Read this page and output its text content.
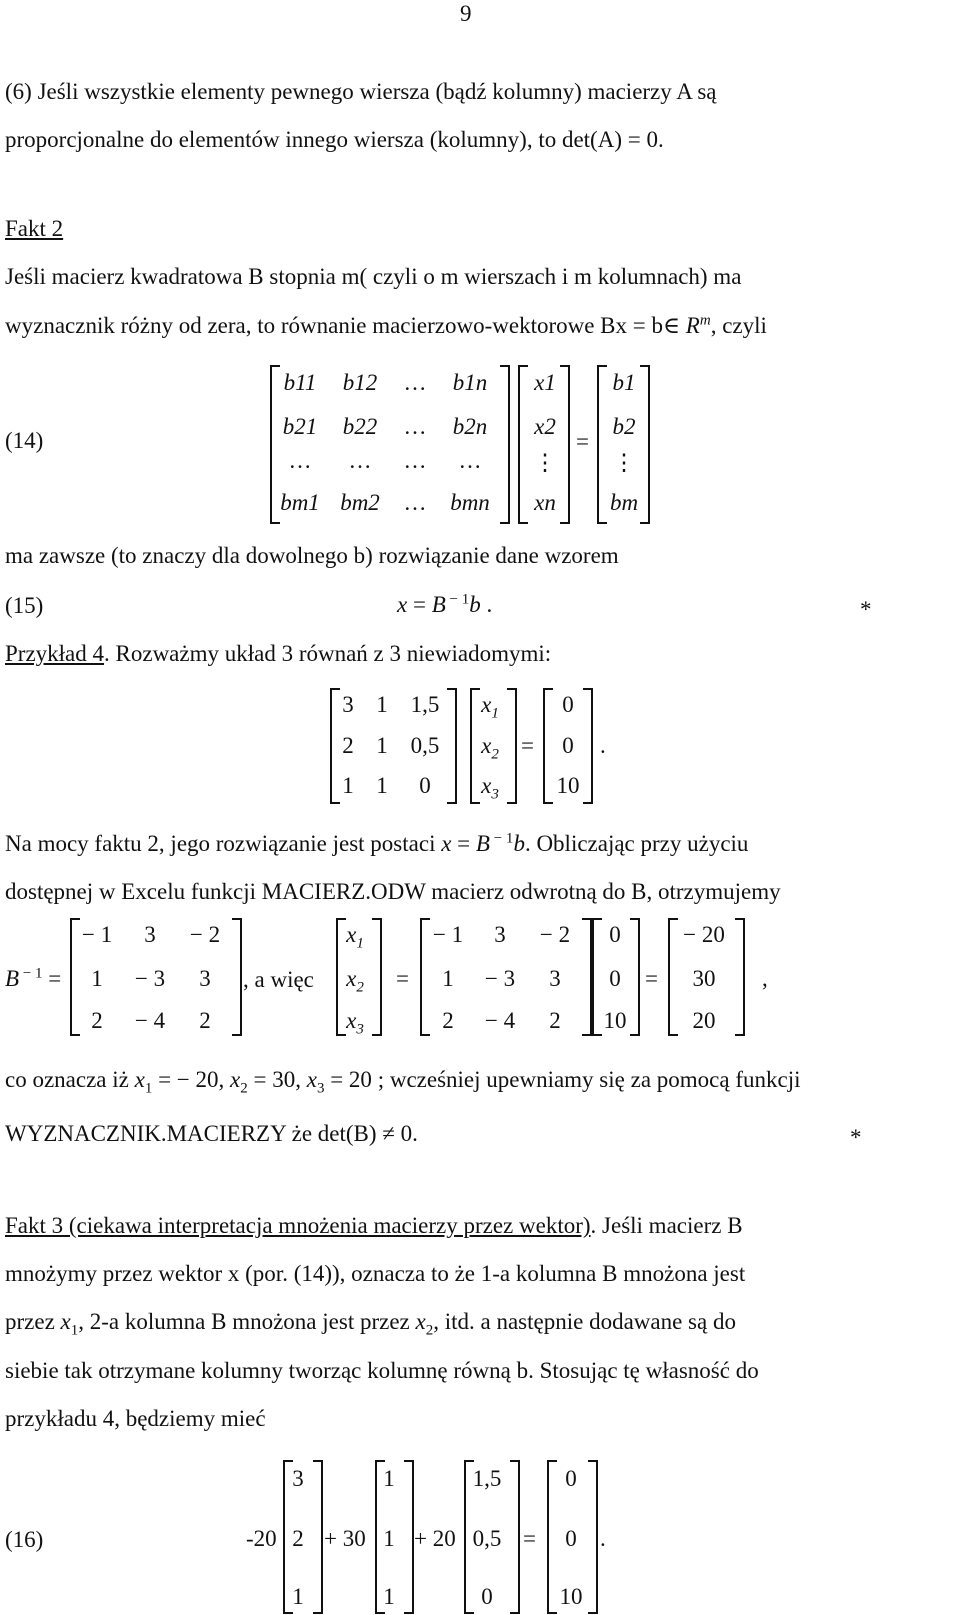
9
(6) Jeśli wszystkie elementy pewnego wiersza (bądź kolumny) macierzy A są
proporcjonalne do elementów innego wiersza (kolumny), to det(A) = 0.
Fakt 2
Jeśli macierz kwadratowa B stopnia m( czyli o m wierszach i m kolumnach) ma
wyznacznik różny od zera, to równanie macierzowo-wektorowe Bx = b∈ $R^m$, czyli
(14)
b11	b12	…	b1n
b21	b22	…	b2n
…	…	…	…
bm1 bm2	…	bmn
x1
x2
⋮
xn
=
b1
b2
⋮
bm
ma zawsze (to znaczy dla dowolnego b) rozwiązanie dane wzorem
(15)	x = B $^{- 1}$b .	*
Przykład 4. Rozważmy układ 3 równań z 3 niewiadomymi:
3 1 1,5
2 1 0,5
1 1	0
$x_1$
$x_2$
$x_3$
=
0
0
10
.
Na mocy faktu 2, jego rozwiązanie jest postaci x = B $^{- 1}$b. Obliczając przy użyciu
dostępnej w Excelu funkcji MACIERZ.ODW macierz odwrotną do B, otrzymujemy
B $^{- 1}$ =
− 1	3	− 2
1	− 3	3
2	− 4	2
, a więc
$x_1$
$x_2$
$x_3$
=
− 1	3	− 2
1	− 3	3
2	− 4	2
0
0
10
=
− 20
30
20
,
co oznacza iż $x_1$ = − 20, $x_2 = 30$, $x_3 = 20$ ; wcześniej upewniamy się za pomocą funkcji
WYZNACZNIK.MACIERZY że det(B) ≠ 0.	*
Fakt 3 (ciekawa interpretacja mnożenia macierzy przez wektor). Jeśli macierz B
mnożymy przez wektor x (por. (14)), oznacza to że 1-a kolumna B mnożona jest
przez $x_1$, 2-a kolumna B mnożona jest przez $x_2$, itd. a następnie dodawane są do
siebie tak otrzymane kolumny tworząc kolumnę równą b. Stosując tę własność do
przykładu 4, będziemy mieć
(16)	-20
3
2
1
+ 30
1
1
1
+ 20
1,5
0,5
0
=
0
0
10
.
